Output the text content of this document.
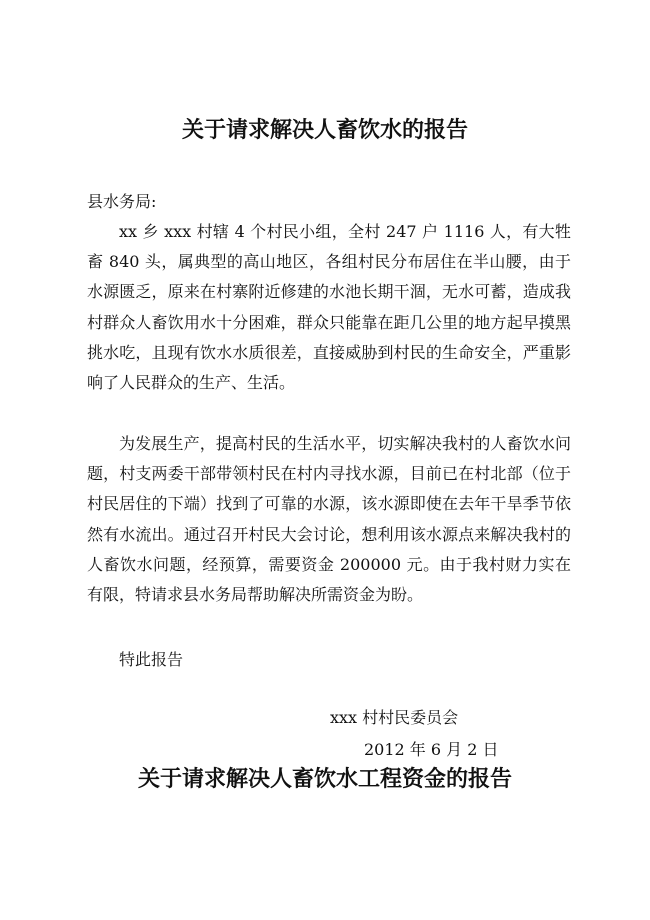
关于请求解决人畜饮水的报告
县水务局:

xx 乡 xxx 村辖 4 个村民小组，全村 247 户 1116 人，有大牲畜 840 头，属典型的高山地区，各组村民分布居住在半山腰，由于水源匮乏，原来在村寨附近修建的水池长期干涸，无水可蓄，造成我村群众人畜饮用水十分困难，群众只能靠在距几公里的地方起早摸黑挑水吃，且现有饮水水质很差，直接威胁到村民的生命安全，严重影响了人民群众的生产、生活。

为发展生产，提高村民的生活水平，切实解决我村的人畜饮水问题，村支两委干部带领村民在村内寻找水源，目前已在村北部（位于村民居住的下端）找到了可靠的水源，该水源即使在去年干旱季节依然有水流出。通过召开村民大会讨论，想利用该水源点来解决我村的人畜饮水问题，经预算，需要资金 200000 元。由于我村财力实在有限，特请求县水务局帮助解决所需资金为盼。

特此报告
xxx 村村民委员会
2012 年 6 月 2 日
关于请求解决人畜饮水工程资金的报告
